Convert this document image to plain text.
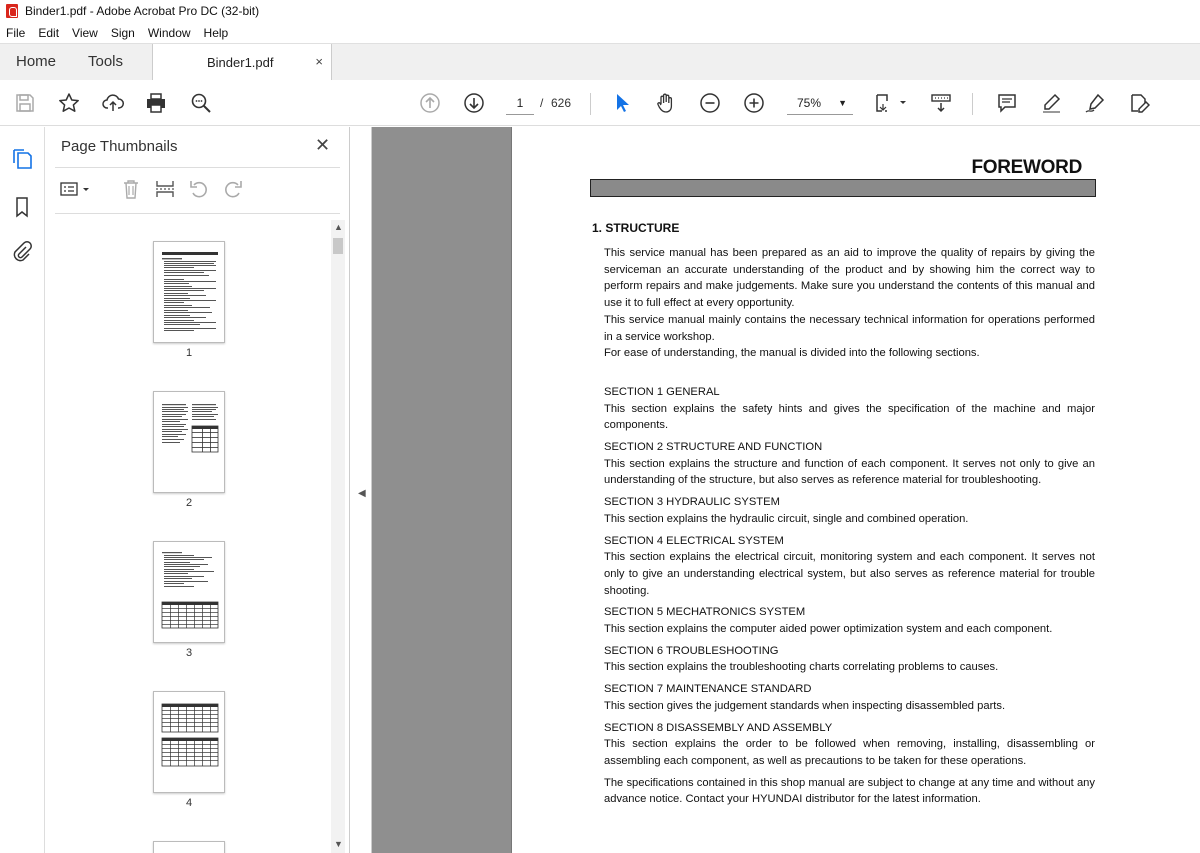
Binder1.pdf - Adobe Acrobat Pro DC (32-bit)
File Edit View Sign Window Help
Home Tools	Binder1.pdf	×
1	/ 626	75% ▼
Page Thumbnails	✕
1
2
3
4
▲
▼
◀
FOREWORD
1. STRUCTURE

This service manual has been prepared as an aid to improve the quality of repairs by giving the serviceman an accurate understanding of the product and by showing him the correct way to perform repairs and make judgements. Make sure you understand the contents of this manual and use it to full effect at every opportunity.

This service manual mainly contains the necessary technical information for operations performed in a service workshop.

For ease of understanding, the manual is divided into the following sections.

SECTION 1 GENERAL

This section explains the safety hints and gives the specification of the machine and major components.

SECTION 2 STRUCTURE AND FUNCTION

This section explains the structure and function of each component. It serves not only to give an understanding of the structure, but also serves as reference material for troubleshooting.

SECTION 3 HYDRAULIC SYSTEM

This section explains the hydraulic circuit, single and combined operation.

SECTION 4 ELECTRICAL SYSTEM

This section explains the electrical circuit, monitoring system and each component. It serves not only to give an understanding electrical system, but also serves as reference material for trouble shooting.

SECTION 5 MECHATRONICS SYSTEM

This section explains the computer aided power optimization system and each component.

SECTION 6 TROUBLESHOOTING

This section explains the troubleshooting charts correlating problems to causes.

SECTION 7 MAINTENANCE STANDARD

This section gives the judgement standards when inspecting disassembled parts.

SECTION 8 DISASSEMBLY AND ASSEMBLY

This section explains the order to be followed when removing, installing, disassembling or assembling each component, as well as precautions to be taken for these operations.

The specifications contained in this shop manual are subject to change at any time and without any advance notice. Contact your HYUNDAI distributor for the latest information.
